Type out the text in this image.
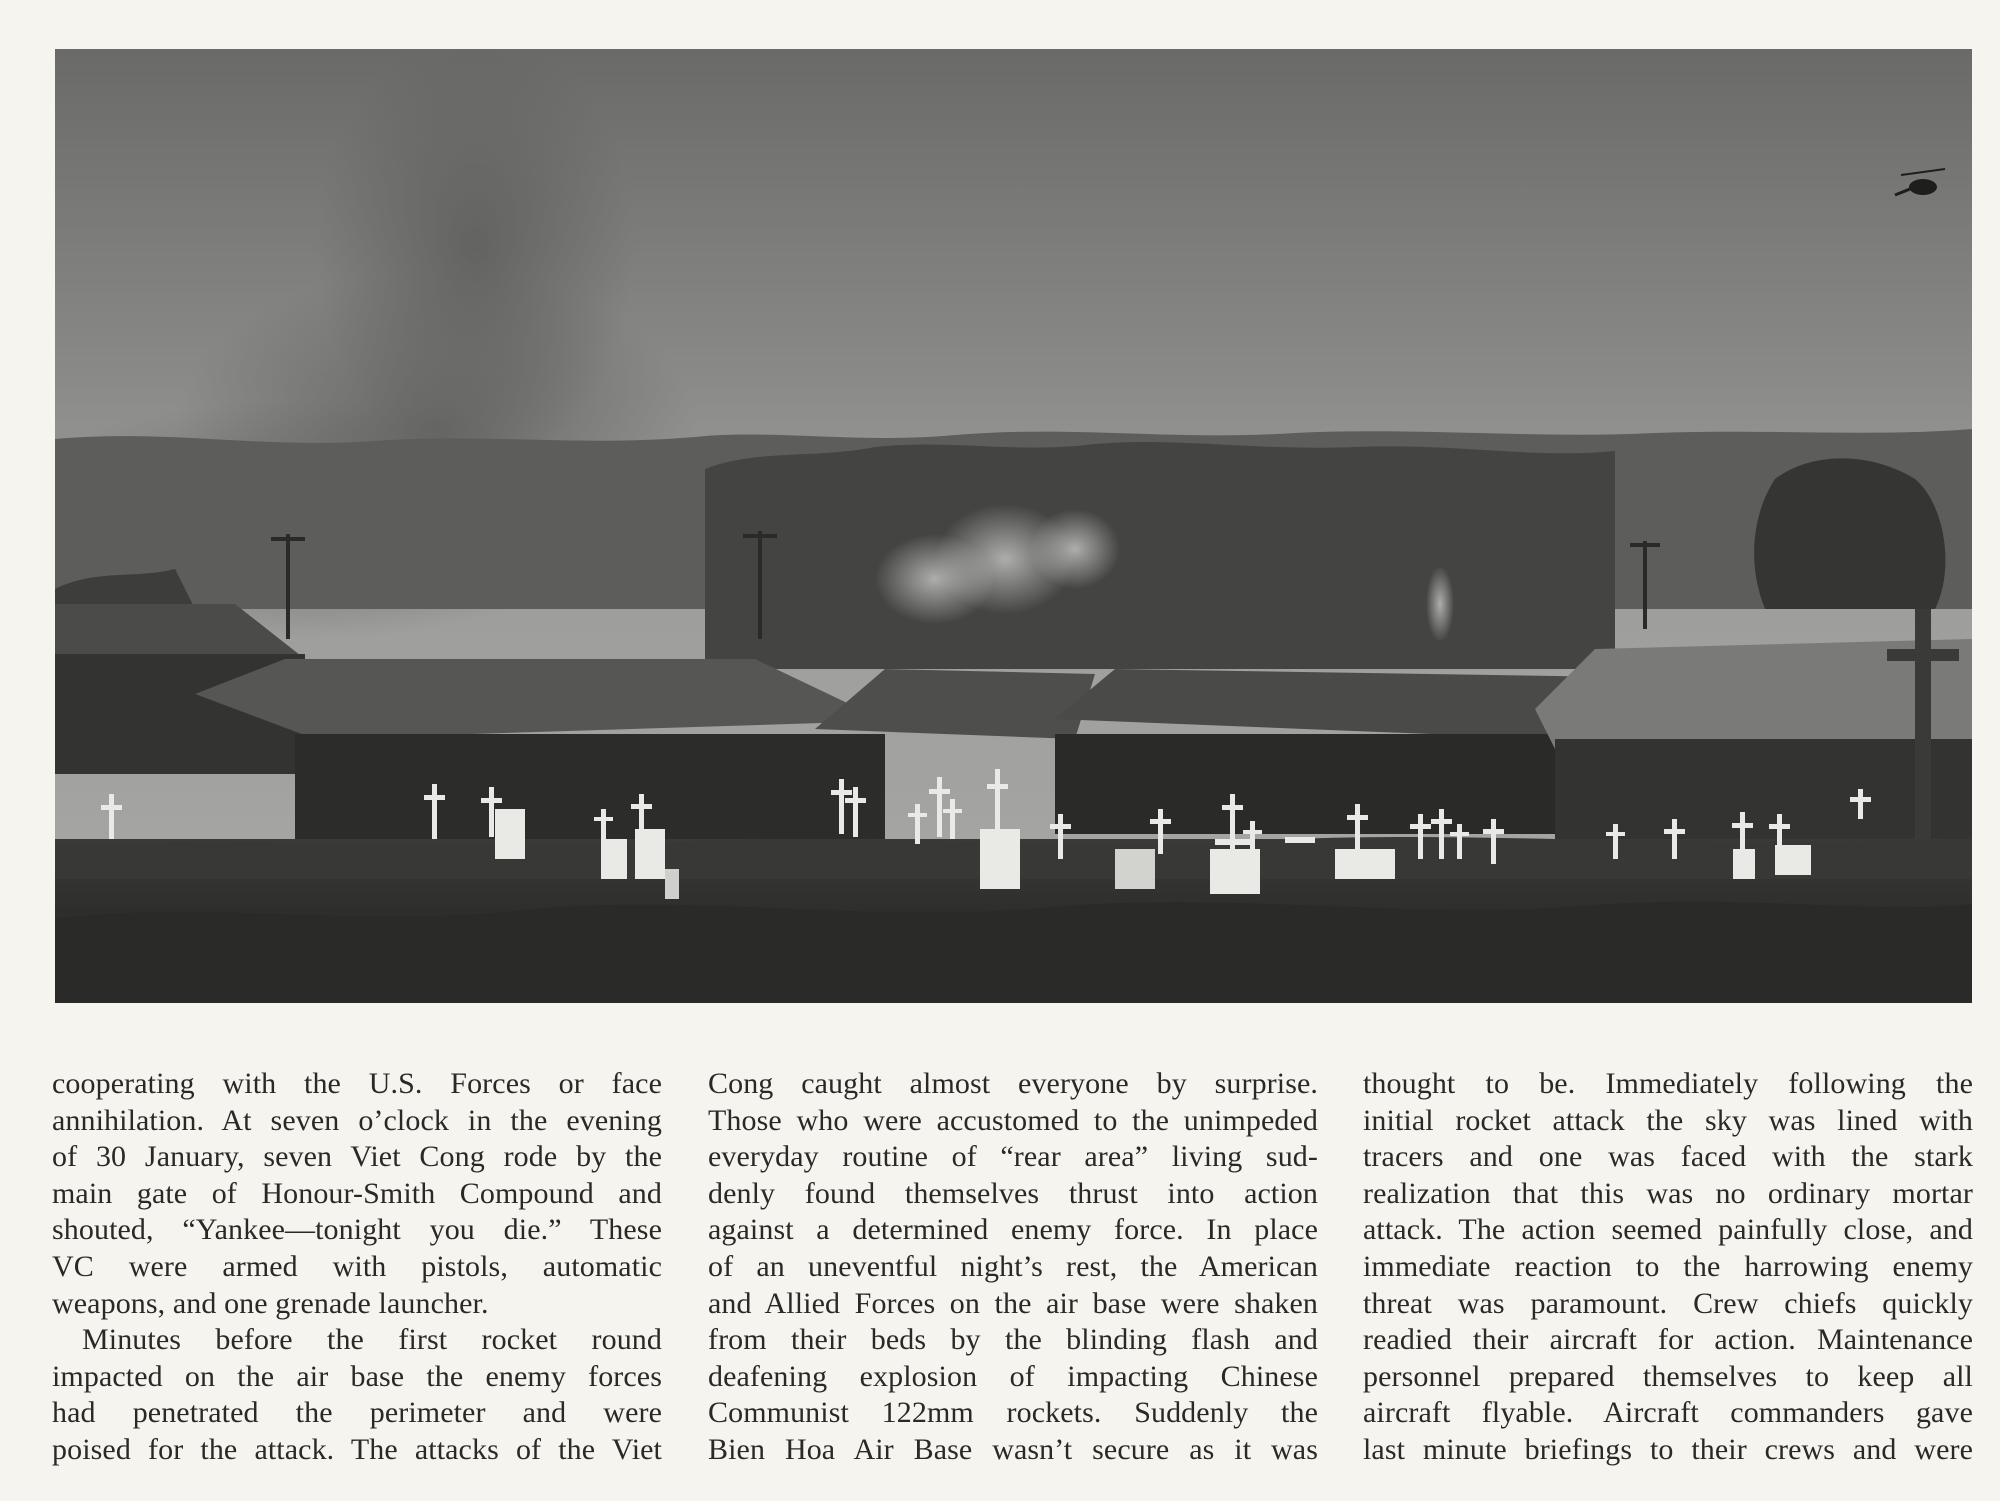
cooperating with the U.S. Forces or face
annihilation. At seven o’clock in the evening
of 30 January, seven Viet Cong rode by the
main gate of Honour-Smith Compound and
shouted, “Yankee—tonight you die.” These
VC were armed with pistols, automatic
weapons, and one grenade launcher.
Minutes before the first rocket round
impacted on the air base the enemy forces
had penetrated the perimeter and were
poised for the attack. The attacks of the Viet
Cong caught almost everyone by surprise.
Those who were accustomed to the unimpeded
everyday routine of “rear area” living sud-
denly found themselves thrust into action
against a determined enemy force. In place
of an uneventful night’s rest, the American
and Allied Forces on the air base were shaken
from their beds by the blinding flash and
deafening explosion of impacting Chinese
Communist 122mm rockets. Suddenly the
Bien Hoa Air Base wasn’t secure as it was
thought to be. Immediately following the
initial rocket attack the sky was lined with
tracers and one was faced with the stark
realization that this was no ordinary mortar
attack. The action seemed painfully close, and
immediate reaction to the harrowing enemy
threat was paramount. Crew chiefs quickly
readied their aircraft for action. Maintenance
personnel prepared themselves to keep all
aircraft flyable. Aircraft commanders gave
last minute briefings to their crews and were
